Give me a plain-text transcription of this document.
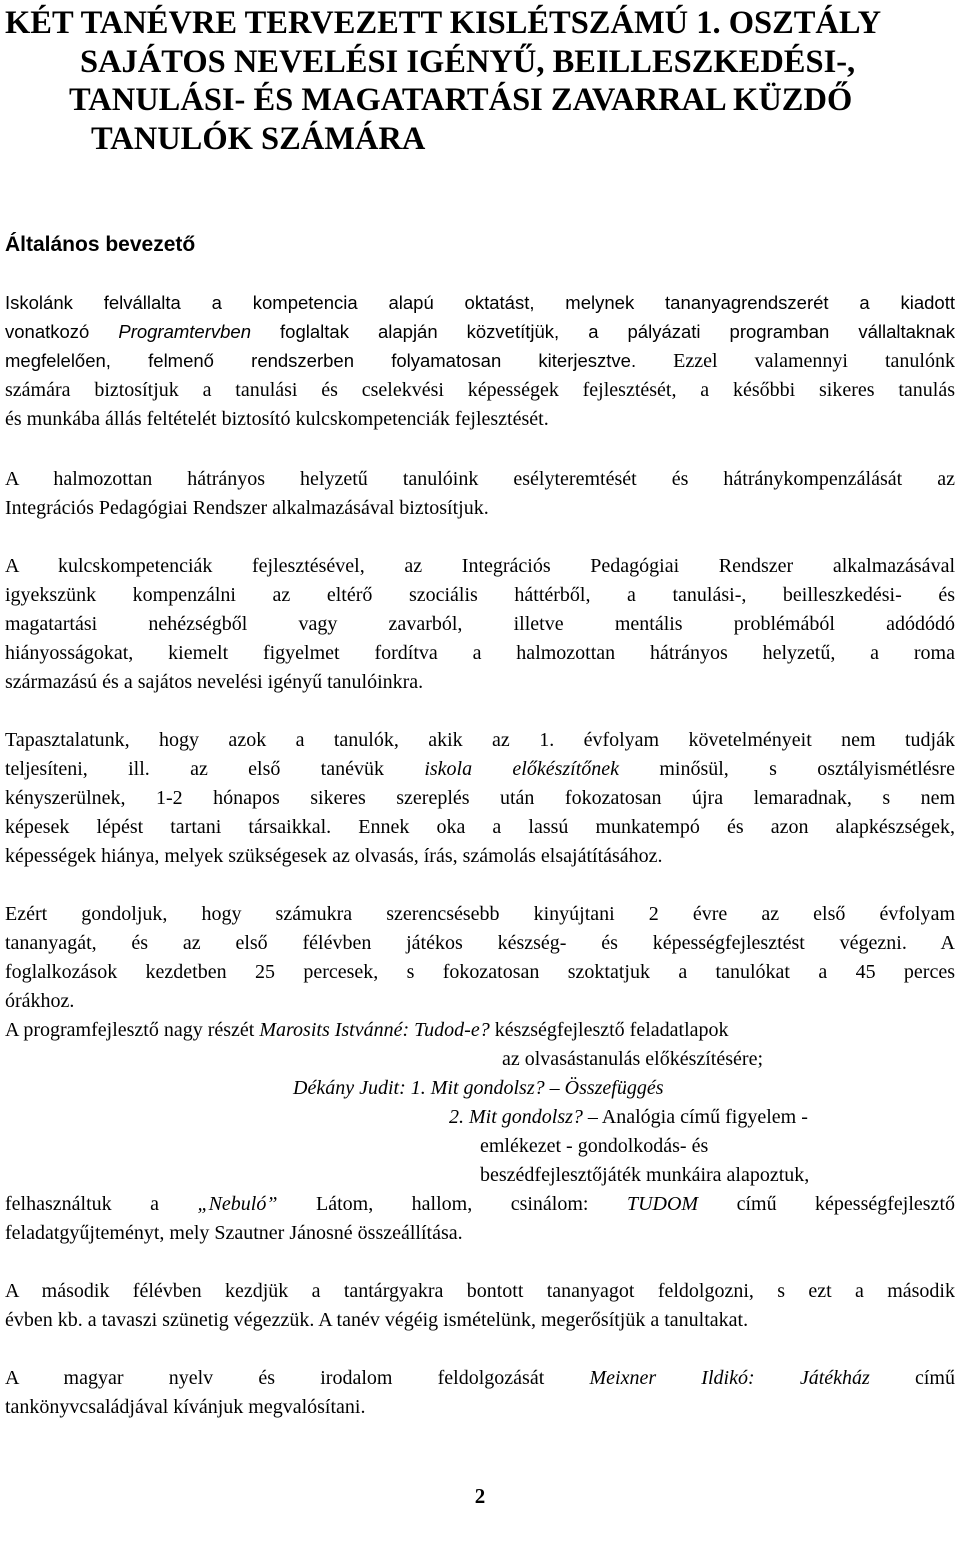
KÉT TANÉVRE TERVEZETT KISLÉTSZÁMÚ 1. OSZTÁLY
SAJÁTOS NEVELÉSI IGÉNYŰ, BEILLESZKEDÉSI-,
TANULÁSI- ÉS MAGATARTÁSI ZAVARRAL KÜZDŐ
TANULÓK SZÁMÁRA
Általános bevezető
Iskolánk felvállalta a kompetencia alapú oktatást, melynek tananyagrendszerét a kiadott
vonatkozó Programtervben foglaltak alapján közvetítjük, a pályázati programban vállaltaknak
megfelelően, felmenő rendszerben folyamatosan kiterjesztve. Ezzel valamennyi tanulónk
számára biztosítjuk a tanulási és cselekvési képességek fejlesztését, a későbbi sikeres tanulás
és munkába állás feltételét biztosító kulcskompetenciák fejlesztését.
A halmozottan hátrányos helyzetű tanulóink esélyteremtését és hátránykompenzálását az
Integrációs Pedagógiai Rendszer alkalmazásával biztosítjuk.
A kulcskompetenciák fejlesztésével, az Integrációs Pedagógiai Rendszer alkalmazásával
igyekszünk kompenzálni az eltérő szociális háttérből, a tanulási-, beilleszkedési- és
magatartási nehézségből vagy zavarból, illetve mentális problémából adódódó
hiányosságokat, kiemelt figyelmet fordítva a halmozottan hátrányos helyzetű, a roma
származású és a sajátos nevelési igényű tanulóinkra.
Tapasztalatunk, hogy azok a tanulók, akik az 1. évfolyam követelményeit nem tudják
teljesíteni, ill. az első tanévük iskola előkészítőnek minősül, s osztályismétlésre
kényszerülnek, 1-2 hónapos sikeres szereplés után fokozatosan újra lemaradnak, s nem
képesek lépést tartani társaikkal. Ennek oka a lassú munkatempó és azon alapkészségek,
képességek hiánya, melyek szükségesek az olvasás, írás, számolás elsajátításához.
Ezért gondoljuk, hogy számukra szerencsésebb kinyújtani 2 évre az első évfolyam
tananyagát, és az első félévben játékos készség- és képességfejlesztést végezni. A
foglalkozások kezdetben 25 percesek, s fokozatosan szoktatjuk a tanulókat a 45 perces
órákhoz.
A programfejlesztő nagy részét Marosits Istvánné: Tudod-e? készségfejlesztő feladatlapok
az olvasástanulás előkészítésére;
Dékány Judit: 1. Mit gondolsz? – Összefüggés
2. Mit gondolsz? – Analógia című figyelem -
emlékezet - gondolkodás- és
beszédfejlesztőjáték munkáira alapoztuk,
felhasználtuk a „Nebuló” Látom, hallom, csinálom: TUDOM című képességfejlesztő
feladatgyűjteményt, mely Szautner Jánosné összeállítása.
A második félévben kezdjük a tantárgyakra bontott tananyagot feldolgozni, s ezt a második
évben kb. a tavaszi szünetig végezzük. A tanév végéig ismételünk, megerősítjük a tanultakat.
A magyar nyelv és irodalom feldolgozását Meixner Ildikó: Játékház című
tankönyvcsaládjával kívánjuk megvalósítani.
2
